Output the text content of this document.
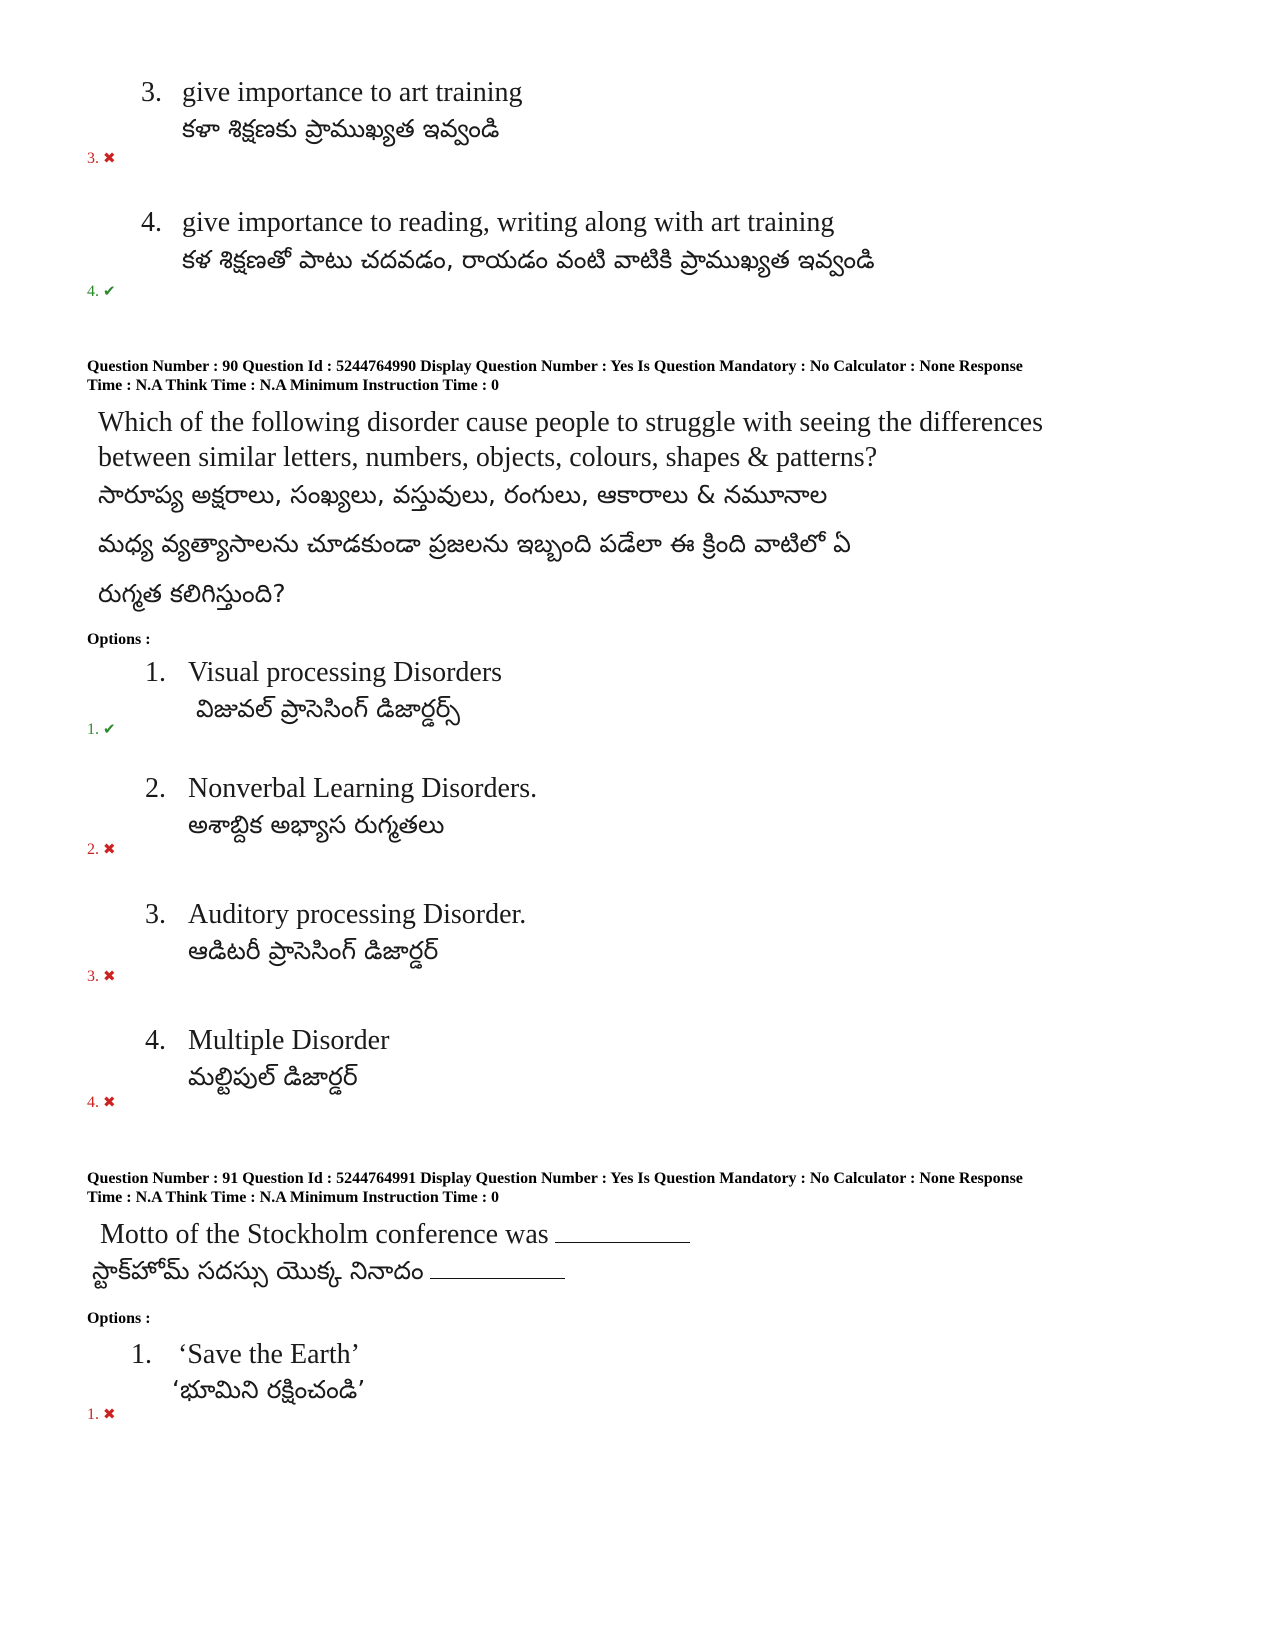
3. give importance to art training
కళా శిక్షణకు ప్రాముఖ్యత ఇవ్వండి
3. ✖
4. give importance to reading, writing along with art training
కళ శిక్షణతో పాటు చదవడం, రాయడం వంటి వాటికి ప్రాముఖ్యత ఇవ్వండి
4. ✔
Question Number : 90 Question Id : 5244764990 Display Question Number : Yes Is Question Mandatory : No Calculator : None Response
Time : N.A Think Time : N.A Minimum Instruction Time : 0
Which of the following disorder cause people to struggle with seeing the differences
between similar letters, numbers, objects, colours, shapes & patterns?
సారూప్య అక్షరాలు, సంఖ్యలు, వస్తువులు, రంగులు, ఆకారాలు & నమూనాల
మధ్య వ్యత్యాసాలను చూడకుండా ప్రజలను ఇబ్బంది పడేలా ఈ క్రింది వాటిలో ఏ
రుగ్మత కలిగిస్తుంది?
Options :
1. Visual processing Disorders
విజువల్ ప్రాసెసింగ్ డిజార్డర్స్
1. ✔
2. Nonverbal Learning Disorders.
అశాబ్దిక అభ్యాస రుగ్మతలు
2. ✖
3. Auditory processing Disorder.
ఆడిటరీ ప్రాసెసింగ్ డిజార్డర్
3. ✖
4. Multiple Disorder
మల్టిపుల్ డిజార్డర్
4. ✖
Question Number : 91 Question Id : 5244764991 Display Question Number : Yes Is Question Mandatory : No Calculator : None Response
Time : N.A Think Time : N.A Minimum Instruction Time : 0
Motto of the Stockholm conference was
స్టాక్‌హోమ్ సదస్సు యొక్క నినాదం
Options :
1. ‘Save the Earth’
‘భూమిని రక్షించండి’
1. ✖
